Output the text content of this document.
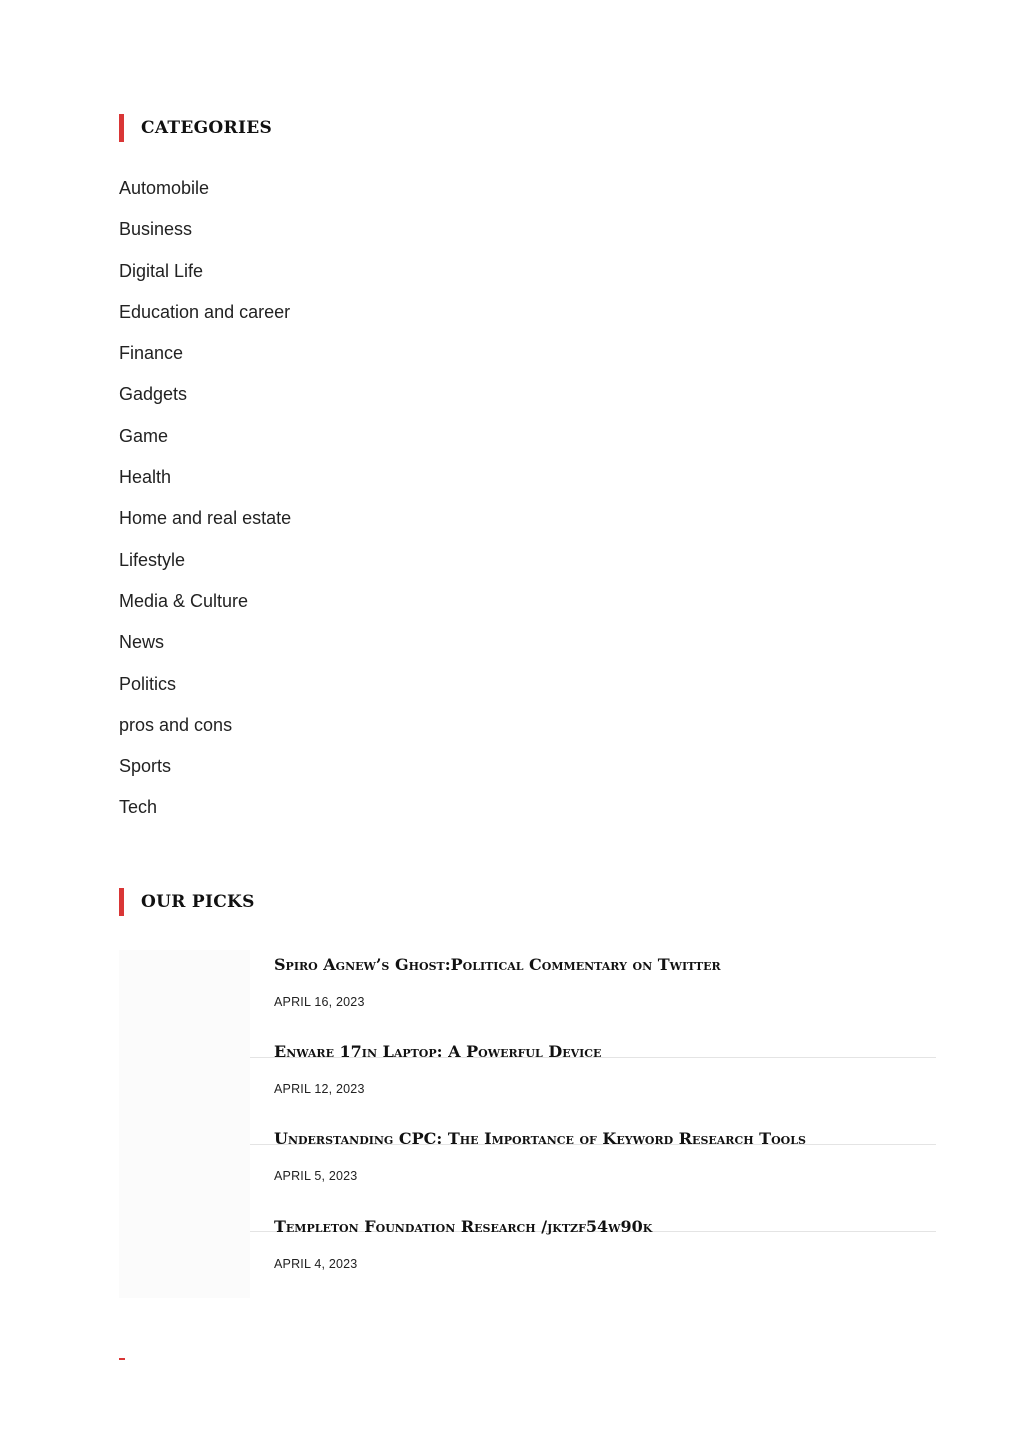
CATEGORIES
Automobile
Business
Digital Life
Education and career
Finance
Gadgets
Game
Health
Home and real estate
Lifestyle
Media & Culture
News
Politics
pros and cons
Sports
Tech
OUR PICKS
Spiro Agnew’s Ghost:Political Commentary on Twitter
APRIL 16, 2023
Enware 17in Laptop: A Powerful Device
APRIL 12, 2023
Understanding CPC: The Importance of Keyword Research Tools
APRIL 5, 2023
Templeton Foundation Research /jktzf54w90k
APRIL 4, 2023
